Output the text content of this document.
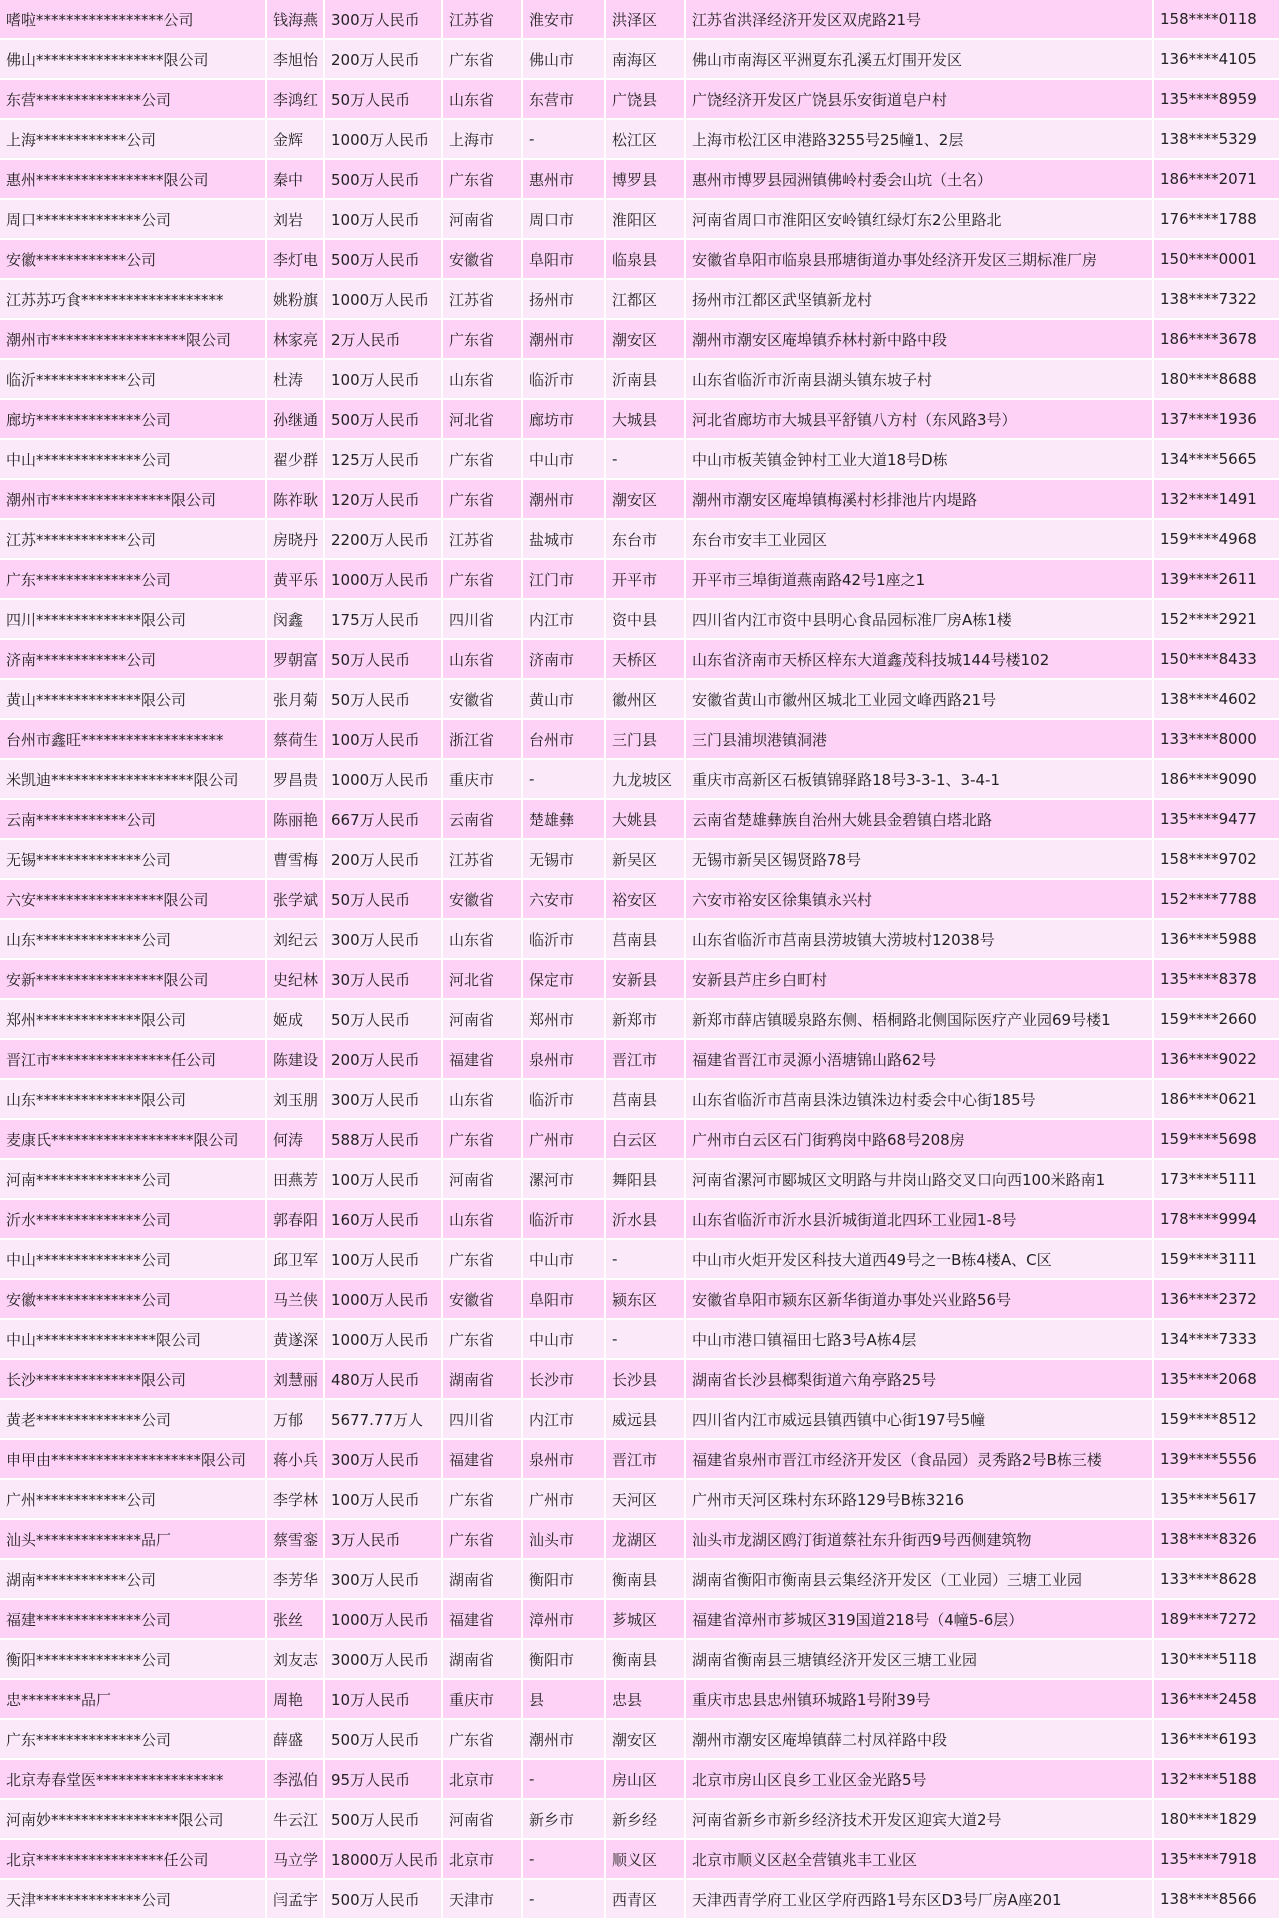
嗜啦*****************公司	钱海燕	300万人民币	江苏省	淮安市	洪泽区	江苏省洪泽经济开发区双虎路21号	158****0118
佛山*****************限公司	李旭怡	200万人民币	广东省	佛山市	南海区	佛山市南海区平洲夏东孔溪五灯围开发区	136****4105
东营**************公司	李鸿红	50万人民币	山东省	东营市	广饶县	广饶经济开发区广饶县乐安街道皂户村	135****8959
上海************公司	金辉	1000万人民币	上海市	-	松江区	上海市松江区申港路3255号25幢1、2层	138****5329
惠州*****************限公司	秦中	500万人民币	广东省	惠州市	博罗县	惠州市博罗县园洲镇佛岭村委会山坑（土名）	186****2071
周口**************公司	刘岩	100万人民币	河南省	周口市	淮阳区	河南省周口市淮阳区安岭镇红绿灯东2公里路北	176****1788
安徽************公司	李灯电	500万人民币	安徽省	阜阳市	临泉县	安徽省阜阳市临泉县邢塘街道办事处经济开发区三期标准厂房	150****0001
江苏苏巧食*******************	姚粉旗	1000万人民币	江苏省	扬州市	江都区	扬州市江都区武坚镇新龙村	138****7322
潮州市******************限公司	林家亮	2万人民币	广东省	潮州市	潮安区	潮州市潮安区庵埠镇乔林村新中路中段	186****3678
临沂************公司	杜涛	100万人民币	山东省	临沂市	沂南县	山东省临沂市沂南县湖头镇东坡子村	180****8688
廊坊**************公司	孙继通	500万人民币	河北省	廊坊市	大城县	河北省廊坊市大城县平舒镇八方村（东风路3号）	137****1936
中山**************公司	翟少群	125万人民币	广东省	中山市	-	中山市板芙镇金钟村工业大道18号D栋	134****5665
潮州市****************限公司	陈祚耿	120万人民币	广东省	潮州市	潮安区	潮州市潮安区庵埠镇梅溪村杉排池片内堤路	132****1491
江苏************公司	房晓丹	2200万人民币	江苏省	盐城市	东台市	东台市安丰工业园区	159****4968
广东**************公司	黄平乐	1000万人民币	广东省	江门市	开平市	开平市三埠街道燕南路42号1座之1	139****2611
四川**************限公司	闵鑫	175万人民币	四川省	内江市	资中县	四川省内江市资中县明心食品园标准厂房A栋1楼	152****2921
济南************公司	罗朝富	50万人民币	山东省	济南市	天桥区	山东省济南市天桥区梓东大道鑫茂科技城144号楼102	150****8433
黄山**************限公司	张月菊	50万人民币	安徽省	黄山市	徽州区	安徽省黄山市徽州区城北工业园文峰西路21号	138****4602
台州市鑫旺*******************	蔡荷生	100万人民币	浙江省	台州市	三门县	三门县浦坝港镇洞港	133****8000
米凯迪*******************限公司	罗昌贵	1000万人民币	重庆市	-	九龙坡区	重庆市高新区石板镇锦驿路18号3-3-1、3-4-1	186****9090
云南************公司	陈丽艳	667万人民币	云南省	楚雄彝	大姚县	云南省楚雄彝族自治州大姚县金碧镇白塔北路	135****9477
无锡**************公司	曹雪梅	200万人民币	江苏省	无锡市	新吴区	无锡市新吴区锡贤路78号	158****9702
六安*****************限公司	张学斌	50万人民币	安徽省	六安市	裕安区	六安市裕安区徐集镇永兴村	152****7788
山东**************公司	刘纪云	300万人民币	山东省	临沂市	莒南县	山东省临沂市莒南县涝坡镇大涝坡村12038号	136****5988
安新*****************限公司	史纪林	30万人民币	河北省	保定市	安新县	安新县芦庄乡白町村	135****8378
郑州**************限公司	姬成	50万人民币	河南省	郑州市	新郑市	新郑市薛店镇暖泉路东侧、梧桐路北侧国际医疗产业园69号楼1	159****2660
晋江市****************任公司	陈建设	200万人民币	福建省	泉州市	晋江市	福建省晋江市灵源小浯塘锦山路62号	136****9022
山东**************限公司	刘玉朋	300万人民币	山东省	临沂市	莒南县	山东省临沂市莒南县洙边镇洙边村委会中心街185号	186****0621
麦康氏*******************限公司	何涛	588万人民币	广东省	广州市	白云区	广州市白云区石门街鸦岗中路68号208房	159****5698
河南**************公司	田燕芳	100万人民币	河南省	漯河市	舞阳县	河南省漯河市郾城区文明路与井岗山路交叉口向西100米路南1	173****5111
沂水**************公司	郭春阳	160万人民币	山东省	临沂市	沂水县	山东省临沂市沂水县沂城街道北四环工业园1-8号	178****9994
中山**************公司	邱卫军	100万人民币	广东省	中山市	-	中山市火炬开发区科技大道西49号之一B栋4楼A、C区	159****3111
安徽**************公司	马兰侠	1000万人民币	安徽省	阜阳市	颍东区	安徽省阜阳市颍东区新华街道办事处兴业路56号	136****2372
中山****************限公司	黄遂深	1000万人民币	广东省	中山市	-	中山市港口镇福田七路3号A栋4层	134****7333
长沙**************限公司	刘慧丽	480万人民币	湖南省	长沙市	长沙县	湖南省长沙县榔梨街道六角亭路25号	135****2068
黄老**************公司	万郁	5677.77万人	四川省	内江市	威远县	四川省内江市威远县镇西镇中心街197号5幢	159****8512
申甲由********************限公司	蒋小兵	300万人民币	福建省	泉州市	晋江市	福建省泉州市晋江市经济开发区（食品园）灵秀路2号B栋三楼	139****5556
广州************公司	李学林	100万人民币	广东省	广州市	天河区	广州市天河区珠村东环路129号B栋3216	135****5617
汕头**************品厂	蔡雪銮	3万人民币	广东省	汕头市	龙湖区	汕头市龙湖区鸥汀街道蔡社东升街西9号西侧建筑物	138****8326
湖南************公司	李芳华	300万人民币	湖南省	衡阳市	衡南县	湖南省衡阳市衡南县云集经济开发区（工业园）三塘工业园	133****8628
福建**************公司	张丝	1000万人民币	福建省	漳州市	芗城区	福建省漳州市芗城区319国道218号（4幢5-6层）	189****7272
衡阳**************公司	刘友志	3000万人民币	湖南省	衡阳市	衡南县	湖南省衡南县三塘镇经济开发区三塘工业园	130****5118
忠********品厂	周艳	10万人民币	重庆市	县	忠县	重庆市忠县忠州镇环城路1号附39号	136****2458
广东**************公司	薛盛	500万人民币	广东省	潮州市	潮安区	潮州市潮安区庵埠镇薛二村凤祥路中段	136****6193
北京寿春堂医*****************	李泓伯	95万人民币	北京市	-	房山区	北京市房山区良乡工业区金光路5号	132****5188
河南妙*****************限公司	牛云江	500万人民币	河南省	新乡市	新乡经	河南省新乡市新乡经济技术开发区迎宾大道2号	180****1829
北京*****************任公司	马立学	18000万人民币	北京市	-	顺义区	北京市顺义区赵全营镇兆丰工业区	135****7918
天津**************公司	闫孟宇	500万人民币	天津市	-	西青区	天津西青学府工业区学府西路1号东区D3号厂房A座201	138****8566
